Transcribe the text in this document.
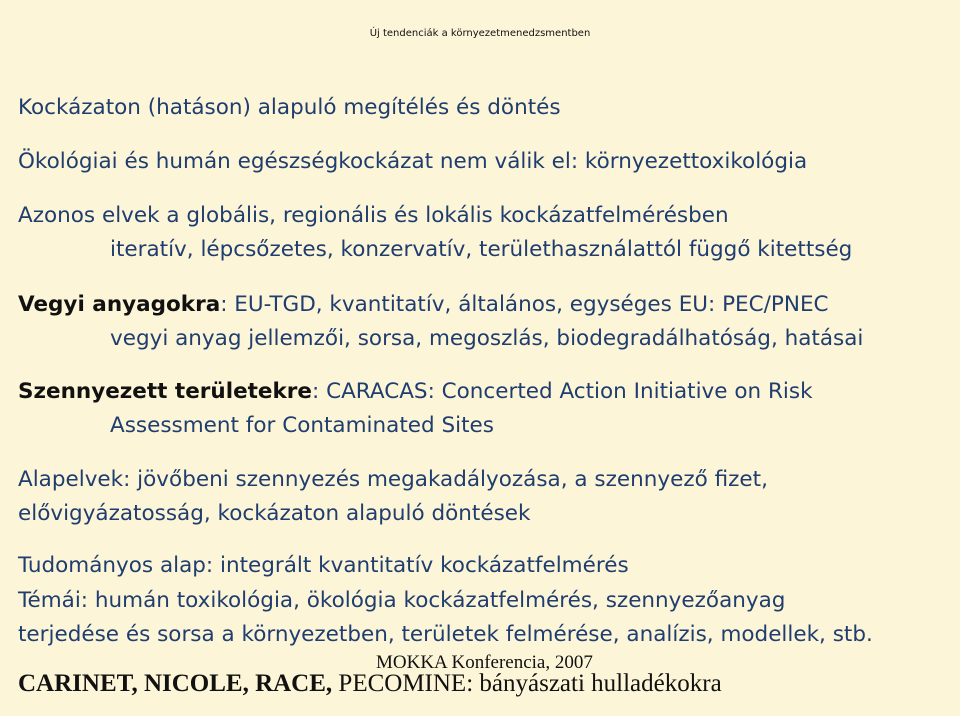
Új tendenciák a környezetmenedzsmentben
Kockázaton (hatáson) alapuló megítélés és döntés
Ökológiai és humán egészségkockázat nem válik el: környezettoxikológia
Azonos elvek a globális, regionális és lokális kockázatfelmérésben
iteratív, lépcsőzetes, konzervatív, területhasználattól függő kitettség
Vegyi anyagokra: EU-TGD, kvantitatív, általános, egységes EU: PEC/PNEC
vegyi anyag jellemzői, sorsa, megoszlás, biodegradálhatóság, hatásai
Szennyezett területekre: CARACAS: Concerted Action Initiative on Risk
Assessment for Contaminated Sites
Alapelvek: jövőbeni szennyezés megakadályozása, a szennyező fizet,
elővigyázatosság, kockázaton alapuló döntések
Tudományos alap: integrált kvantitatív kockázatfelmérés
Témái: humán toxikológia, ökológia kockázatfelmérés, szennyezőanyag
terjedése és sorsa a környezetben, területek felmérése, analízis, modellek, stb.
MOKKA Konferencia, 2007
CARINET, NICOLE, RACE, PECOMINE: bányászati hulladékokra
